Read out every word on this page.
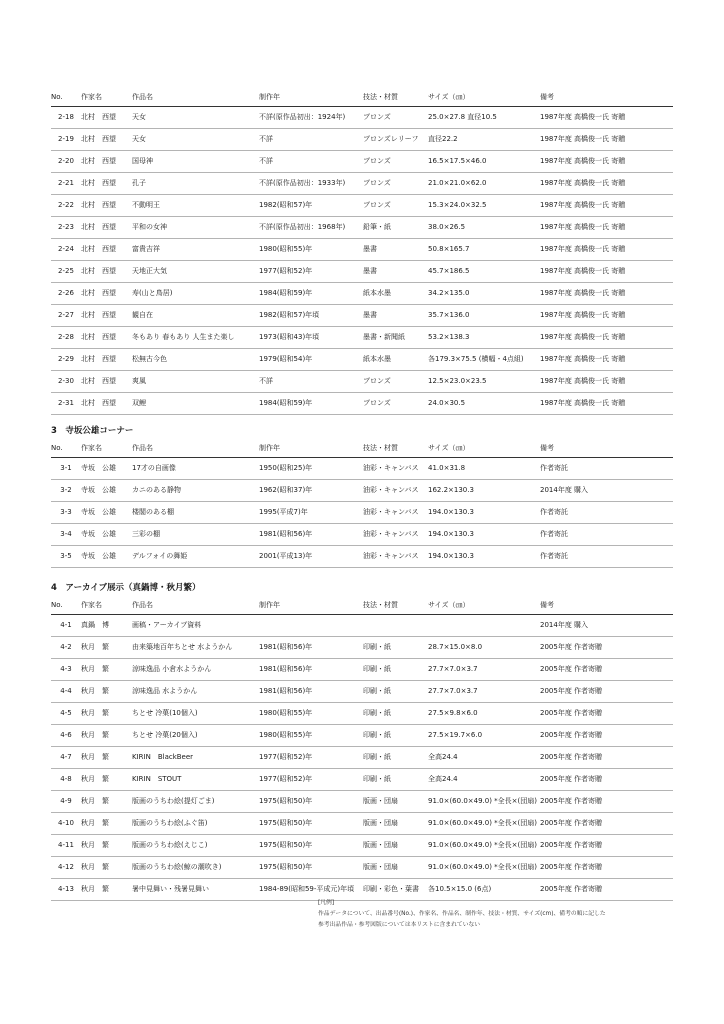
No.	作家名	作品名	制作年	技法・材質	サイズ（㎝）	備考
2-18	北村　西望	天女	不詳(原作品初出：1924年)	ブロンズ	25.0×27.8 直径10.5	1987年度 高橋俊一氏 寄贈
2-19	北村　西望	天女	不詳	ブロンズレリーフ	直径22.2	1987年度 高橋俊一氏 寄贈
2-20	北村　西望	国母神	不詳	ブロンズ	16.5×17.5×46.0	1987年度 高橋俊一氏 寄贈
2-21	北村　西望	孔子	不詳(原作品初出：1933年)	ブロンズ	21.0×21.0×62.0	1987年度 高橋俊一氏 寄贈
2-22	北村　西望	不動明王	1982(昭和57)年	ブロンズ	15.3×24.0×32.5	1987年度 高橋俊一氏 寄贈
2-23	北村　西望	平和の女神	不詳(原作品初出：1968年)	鉛筆・紙	38.0×26.5	1987年度 高橋俊一氏 寄贈
2-24	北村　西望	富貴吉祥	1980(昭和55)年	墨書	50.8×165.7	1987年度 高橋俊一氏 寄贈
2-25	北村　西望	天地正大気	1977(昭和52)年	墨書	45.7×186.5	1987年度 高橋俊一氏 寄贈
2-26	北村　西望	寿(山と鳥居)	1984(昭和59)年	紙本水墨	34.2×135.0	1987年度 高橋俊一氏 寄贈
2-27	北村　西望	観自在	1982(昭和57)年頃	墨書	35.7×136.0	1987年度 高橋俊一氏 寄贈
2-28	北村　西望	冬もあり 春もあり 人生また楽し	1973(昭和43)年頃	墨書・新聞紙	53.2×138.3	1987年度 高橋俊一氏 寄贈
2-29	北村　西望	松無古今色	1979(昭和54)年	紙本水墨	各179.3×75.5 (横幅・4点組)	1987年度 高橋俊一氏 寄贈
2-30	北村　西望	爽風	不詳	ブロンズ	12.5×23.0×23.5	1987年度 高橋俊一氏 寄贈
2-31	北村　西望	双鯉	1984(昭和59)年	ブロンズ	24.0×30.5	1987年度 高橋俊一氏 寄贈
3　寺坂公雄コーナー
No.	作家名	作品名	制作年	技法・材質	サイズ（㎝）	備考
3-1	寺坂　公雄	17才の自画像	1950(昭和25)年	油彩・キャンバス	41.0×31.8	作者寄託
3-2	寺坂　公雄	カニのある静物	1962(昭和37)年	油彩・キャンバス	162.2×130.3	2014年度 購入
3-3	寺坂　公雄	楼閣のある棚	1995(平成7)年	油彩・キャンバス	194.0×130.3	作者寄託
3-4	寺坂　公雄	三彩の棚	1981(昭和56)年	油彩・キャンバス	194.0×130.3	作者寄託
3-5	寺坂　公雄	デルフォイの舞姫	2001(平成13)年	油彩・キャンバス	194.0×130.3	作者寄託
4　アーカイブ展示（真鍋博・秋月繁）
No.	作家名	作品名	制作年	技法・材質	サイズ（㎝）	備考
4-1	真鍋　博	画稿・アーカイブ資料				2014年度 購入
4-2	秋月　繁	由来築地百年ちとせ 水ようかん	1981(昭和56)年	印刷・紙	28.7×15.0×8.0	2005年度 作者寄贈
4-3	秋月　繁	涼味逸品 小倉水ようかん	1981(昭和56)年	印刷・紙	27.7×7.0×3.7	2005年度 作者寄贈
4-4	秋月　繁	涼味逸品 水ようかん	1981(昭和56)年	印刷・紙	27.7×7.0×3.7	2005年度 作者寄贈
4-5	秋月　繁	ちとせ 冷菓(10個入)	1980(昭和55)年	印刷・紙	27.5×9.8×6.0	2005年度 作者寄贈
4-6	秋月　繁	ちとせ 冷菓(20個入)	1980(昭和55)年	印刷・紙	27.5×19.7×6.0	2005年度 作者寄贈
4-7	秋月　繁	KIRIN　BlackBeer	1977(昭和52)年	印刷・紙	全高24.4	2005年度 作者寄贈
4-8	秋月　繁	KIRIN　STOUT	1977(昭和52)年	印刷・紙	全高24.4	2005年度 作者寄贈
4-9	秋月　繁	版画のうちわ絵(提灯ごま)	1975(昭和50)年	版画・団扇	91.0×(60.0×49.0) *全長×(団扇)	2005年度 作者寄贈
4-10	秋月　繁	版画のうちわ絵(ふぐ笛)	1975(昭和50)年	版画・団扇	91.0×(60.0×49.0) *全長×(団扇)	2005年度 作者寄贈
4-11	秋月　繁	版画のうちわ絵(えじこ)	1975(昭和50)年	版画・団扇	91.0×(60.0×49.0) *全長×(団扇)	2005年度 作者寄贈
4-12	秋月　繁	版画のうちわ絵(鯨の潮吹き)	1975(昭和50)年	版画・団扇	91.0×(60.0×49.0) *全長×(団扇)	2005年度 作者寄贈
4-13	秋月　繁	暑中見舞い・残暑見舞い	1984-89(昭和59-平成元)年頃	印刷・彩色・葉書	各10.5×15.0 (6点)	2005年度 作者寄贈
[凡例]
作品データについて、出品番号(No.)、作家名、作品名、制作年、技法・材質、サイズ(cm)、備考の順に記した
参考出品作品・参考図版については本リストに含まれていない
